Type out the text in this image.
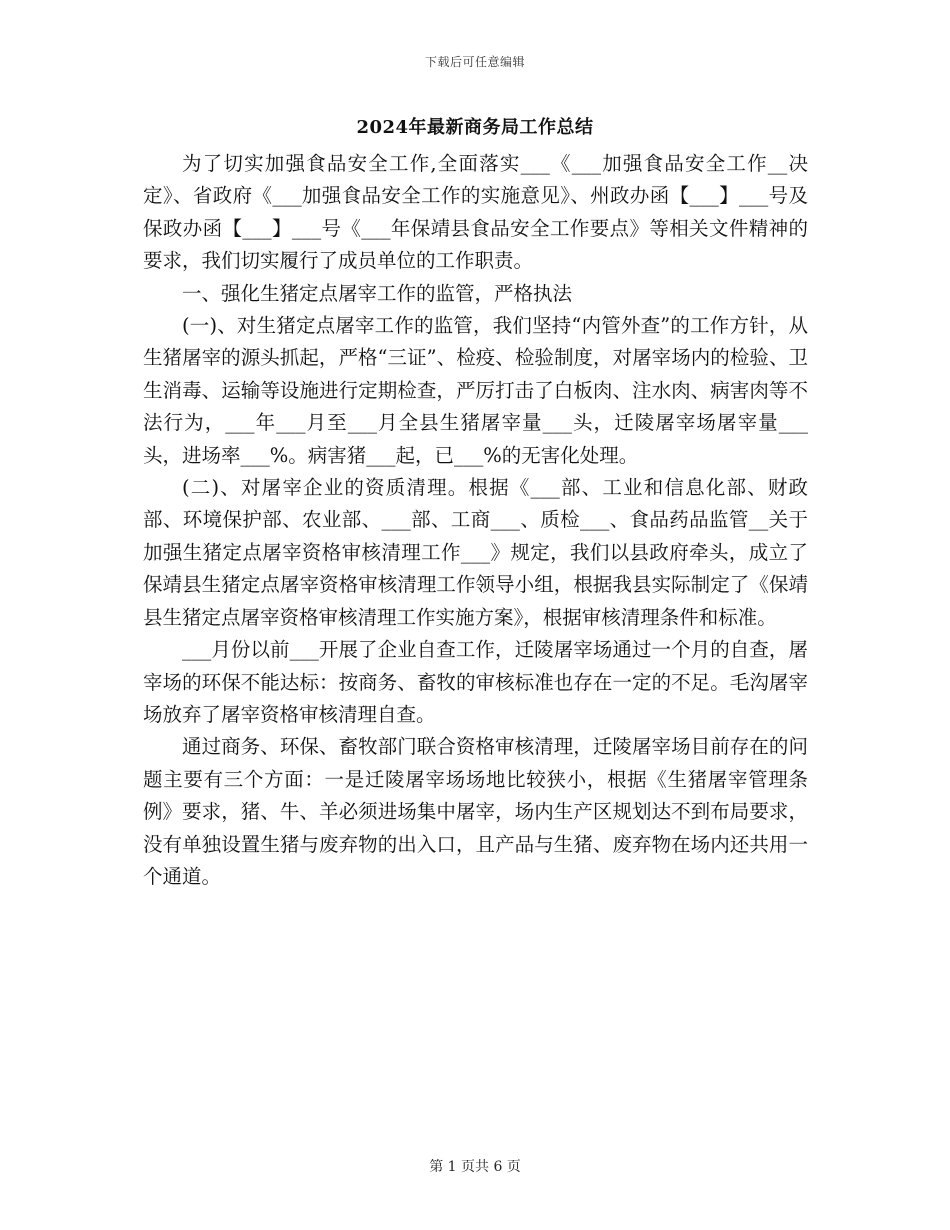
下载后可任意编辑
2024年最新商务局工作总结

为了切实加强食品安全工作,全面落实___《___加强食品安全工作__决定》、省政府《___加强食品安全工作的实施意见》、州政办函【___】___号及保政办函【___】___号《___年保靖县食品安全工作要点》等相关文件精神的要求，我们切实履行了成员单位的工作职责。

一、强化生猪定点屠宰工作的监管，严格执法

(一)、对生猪定点屠宰工作的监管，我们坚持“内管外查”的工作方针，从生猪屠宰的源头抓起，严格“三证”、检疫、检验制度，对屠宰场内的检验、卫生消毒、运输等设施进行定期检查，严厉打击了白板肉、注水肉、病害肉等不法行为，___年___月至___月全县生猪屠宰量___头，迁陵屠宰场屠宰量___头，进场率___%。病害猪___起，已___%的无害化处理。

(二)、对屠宰企业的资质清理。根据《___部、工业和信息化部、财政部、环境保护部、农业部、___部、工商___、质检___、食品药品监管__关于加强生猪定点屠宰资格审核清理工作___》规定，我们以县政府牵头，成立了保靖县生猪定点屠宰资格审核清理工作领导小组，根据我县实际制定了《保靖县生猪定点屠宰资格审核清理工作实施方案》，根据审核清理条件和标准。

___月份以前___开展了企业自查工作，迁陵屠宰场通过一个月的自查，屠宰场的环保不能达标：按商务、畜牧的审核标准也存在一定的不足。毛沟屠宰场放弃了屠宰资格审核清理自查。

通过商务、环保、畜牧部门联合资格审核清理，迁陵屠宰场目前存在的问题主要有三个方面：一是迁陵屠宰场场地比较狭小，根据《生猪屠宰管理条例》要求，猪、牛、羊必须进场集中屠宰，场内生产区规划达不到布局要求，没有单独设置生猪与废弃物的出入口，且产品与生猪、废弃物在场内还共用一个通道。

第 1 页共 6 页
